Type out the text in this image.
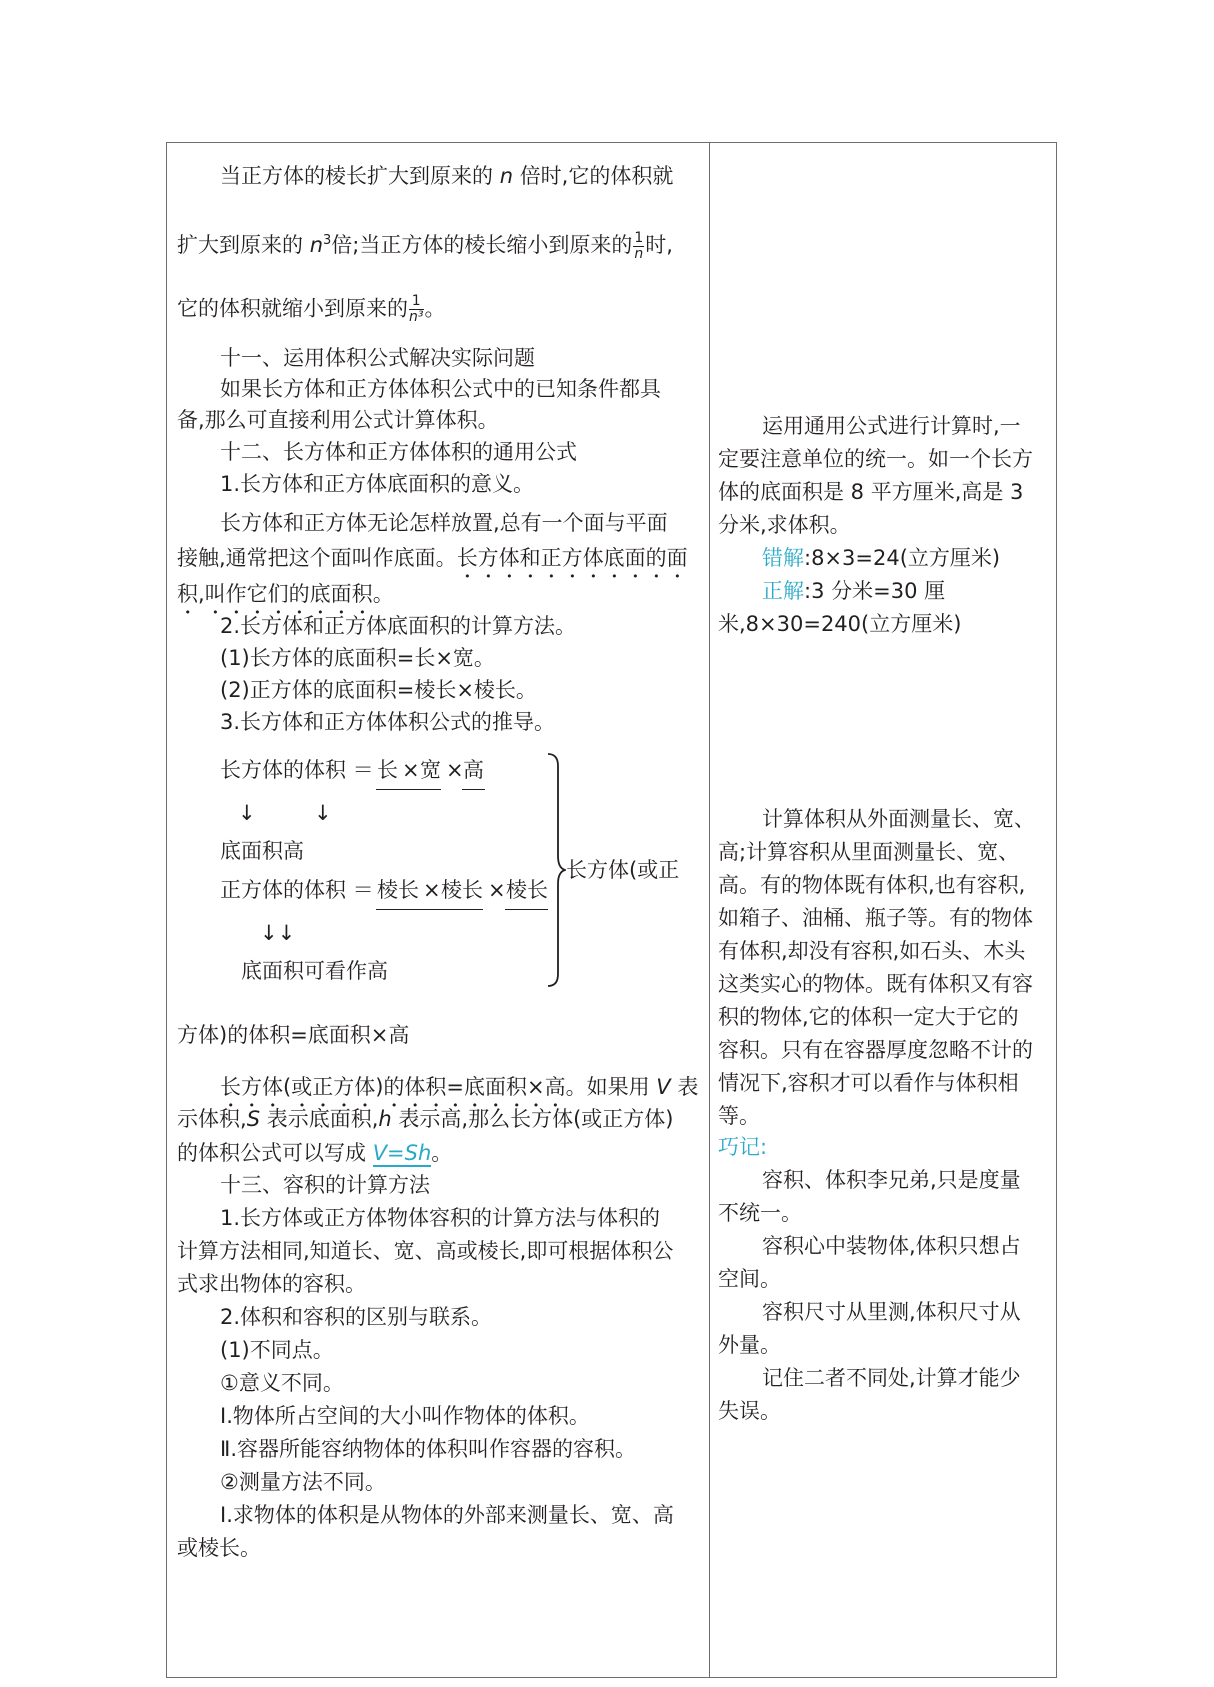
当正方体的棱长扩大到原来的 n 倍时,它的体积就
扩大到原来的 $n^3$倍;当正方体的棱长缩小到原来的 $\frac{1}{n}$ 时,
它的体积就缩小到原来的 $\frac{1}{\text{n³}}$ 。
十一、运用体积公式解决实际问题
如果长方体和正方体体积公式中的已知条件都具
备,那么可直接利用公式计算体积。
十二、长方体和正方体体积的通用公式
1.长方体和正方体底面积的意义。
长方体和正方体无论怎样放置,总有一个面与平面
接触,通常把这个面叫作底面。长方体和正方体底面的面
积,叫作它们的底面积。
2.长方体和正方体底面积的计算方法。
(1)长方体的底面积=长×宽。
(2)正方体的底面积=棱长×棱长。
3.长方体和正方体体积公式的推导。
长方体的体积 ＝ 长 × 宽 × 高
↓	↓
底面积高
正方体的体积 ＝ 棱长 × 棱长 × 棱长
↓↓
底面积可看作高
长方体(或正
方体)的体积=底面积×高
长方体(或正方体)的体积=底面积×高。如果用 V 表
示体积,S 表示底面积,h 表示高,那么长方体(或正方体)
的体积公式可以写成 V=Sh。
十三、容积的计算方法
1.长方体或正方体物体容积的计算方法与体积的
计算方法相同,知道长、宽、高或棱长,即可根据体积公
式求出物体的容积。
2.体积和容积的区别与联系。
(1)不同点。
①意义不同。
Ⅰ.物体所占空间的大小叫作物体的体积。
Ⅱ.容器所能容纳物体的体积叫作容器的容积。
②测量方法不同。
Ⅰ.求物体的体积是从物体的外部来测量长、宽、高
或棱长。
运用通用公式进行计算时,一
定要注意单位的统一。如一个长方
体的底面积是 8 平方厘米,高是 3
分米,求体积。
错解:8×3=24(立方厘米)
正解:3 分米=30 厘
米,8×30=240(立方厘米)
计算体积从外面测量长、宽、
高;计算容积从里面测量长、宽、
高。有的物体既有体积,也有容积,
如箱子、油桶、瓶子等。有的物体
有体积,却没有容积,如石头、木头
这类实心的物体。既有体积又有容
积的物体,它的体积一定大于它的
容积。只有在容器厚度忽略不计的
情况下,容积才可以看作与体积相
等。
巧记:
容积、体积李兄弟,只是度量
不统一。
容积心中装物体,体积只想占
空间。
容积尺寸从里测,体积尺寸从
外量。
记住二者不同处,计算才能少
失误。
